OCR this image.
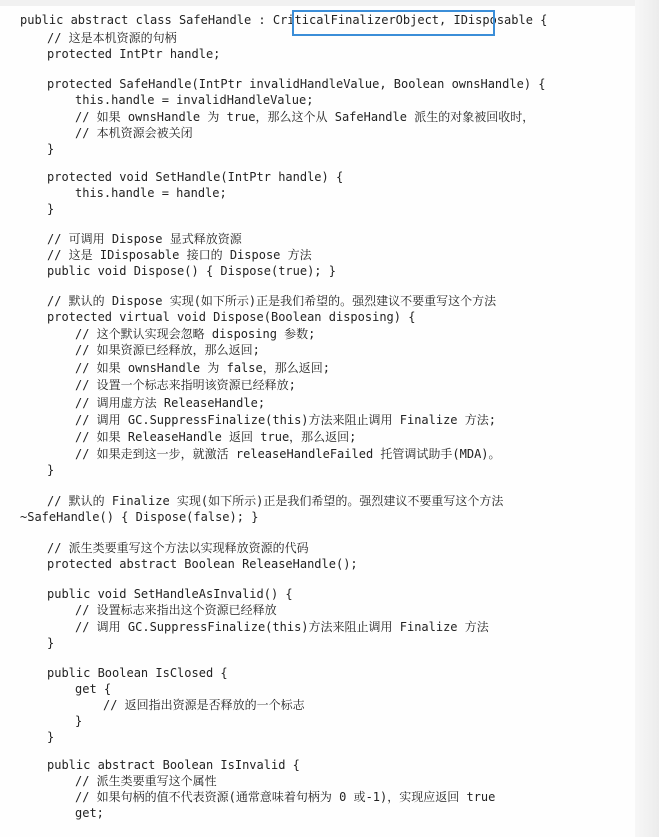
public abstract class SafeHandle : CriticalFinalizerObject, IDisposable {
// 这是本机资源的句柄
protected IntPtr handle;
protected SafeHandle(IntPtr invalidHandleValue, Boolean ownsHandle) {
this.handle = invalidHandleValue;
// 如果 ownsHandle 为 true，那么这个从 SafeHandle 派生的对象被回收时，
// 本机资源会被关闭
}
protected void SetHandle(IntPtr handle) {
this.handle = handle;
}
// 可调用 Dispose 显式释放资源
// 这是 IDisposable 接口的 Dispose 方法
public void Dispose() { Dispose(true); }
// 默认的 Dispose 实现(如下所示)正是我们希望的。强烈建议不要重写这个方法
protected virtual void Dispose(Boolean disposing) {
// 这个默认实现会忽略 disposing 参数;
// 如果资源已经释放，那么返回;
// 如果 ownsHandle 为 false，那么返回;
// 设置一个标志来指明该资源已经释放;
// 调用虚方法 ReleaseHandle;
// 调用 GC.SuppressFinalize(this)方法来阻止调用 Finalize 方法;
// 如果 ReleaseHandle 返回 true，那么返回;
// 如果走到这一步，就激活 releaseHandleFailed 托管调试助手(MDA)。
}
// 默认的 Finalize 实现(如下所示)正是我们希望的。强烈建议不要重写这个方法
~SafeHandle() { Dispose(false); }
// 派生类要重写这个方法以实现释放资源的代码
protected abstract Boolean ReleaseHandle();
public void SetHandleAsInvalid() {
// 设置标志来指出这个资源已经释放
// 调用 GC.SuppressFinalize(this)方法来阻止调用 Finalize 方法
}
public Boolean IsClosed {
get {
// 返回指出资源是否释放的一个标志
}
}
public abstract Boolean IsInvalid {
// 派生类要重写这个属性
// 如果句柄的值不代表资源(通常意味着句柄为 0 或-1)，实现应返回 true
get;
